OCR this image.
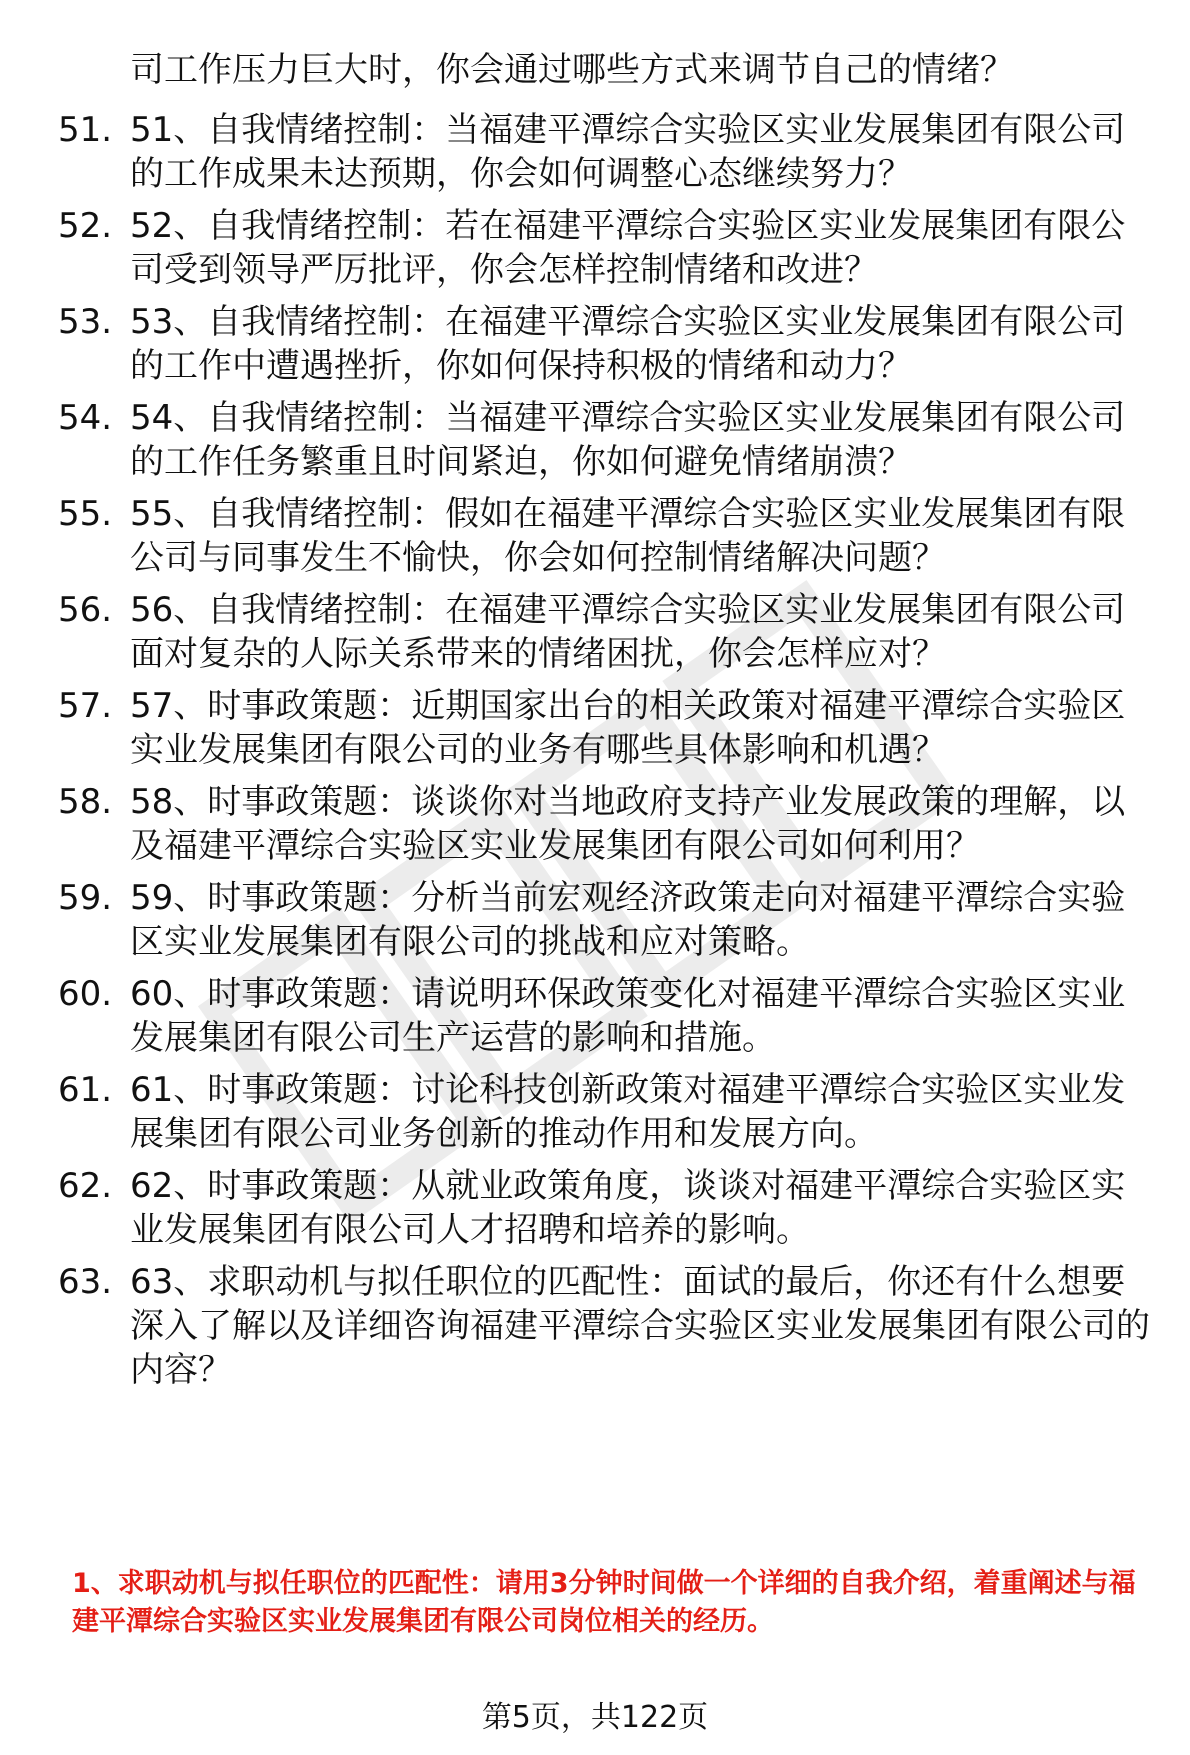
司工作压力巨大时，你会通过哪些方式来调节自己的情绪？
51. 51、自我情绪控制：当福建平潭综合实验区实业发展集团有限公司的工作成果未达预期，你会如何调整心态继续努力？
52. 52、自我情绪控制：若在福建平潭综合实验区实业发展集团有限公司受到领导严厉批评，你会怎样控制情绪和改进？
53. 53、自我情绪控制：在福建平潭综合实验区实业发展集团有限公司的工作中遭遇挫折，你如何保持积极的情绪和动力？
54. 54、自我情绪控制：当福建平潭综合实验区实业发展集团有限公司的工作任务繁重且时间紧迫，你如何避免情绪崩溃？
55. 55、自我情绪控制：假如在福建平潭综合实验区实业发展集团有限公司与同事发生不愉快，你会如何控制情绪解决问题？
56. 56、自我情绪控制：在福建平潭综合实验区实业发展集团有限公司面对复杂的人际关系带来的情绪困扰，你会怎样应对？
57. 57、时事政策题：近期国家出台的相关政策对福建平潭综合实验区实业发展集团有限公司的业务有哪些具体影响和机遇？
58. 58、时事政策题：谈谈你对当地政府支持产业发展政策的理解，以及福建平潭综合实验区实业发展集团有限公司如何利用？
59. 59、时事政策题：分析当前宏观经济政策走向对福建平潭综合实验区实业发展集团有限公司的挑战和应对策略。
60. 60、时事政策题：请说明环保政策变化对福建平潭综合实验区实业发展集团有限公司生产运营的影响和措施。
61. 61、时事政策题：讨论科技创新政策对福建平潭综合实验区实业发展集团有限公司业务创新的推动作用和发展方向。
62. 62、时事政策题：从就业政策角度，谈谈对福建平潭综合实验区实业发展集团有限公司人才招聘和培养的影响。
63. 63、求职动机与拟任职位的匹配性：面试的最后，你还有什么想要深入了解以及详细咨询福建平潭综合实验区实业发展集团有限公司的内容？
1、求职动机与拟任职位的匹配性：请用3分钟时间做一个详细的自我介绍，着重阐述与福建平潭综合实验区实业发展集团有限公司岗位相关的经历。
第5页，共122页
